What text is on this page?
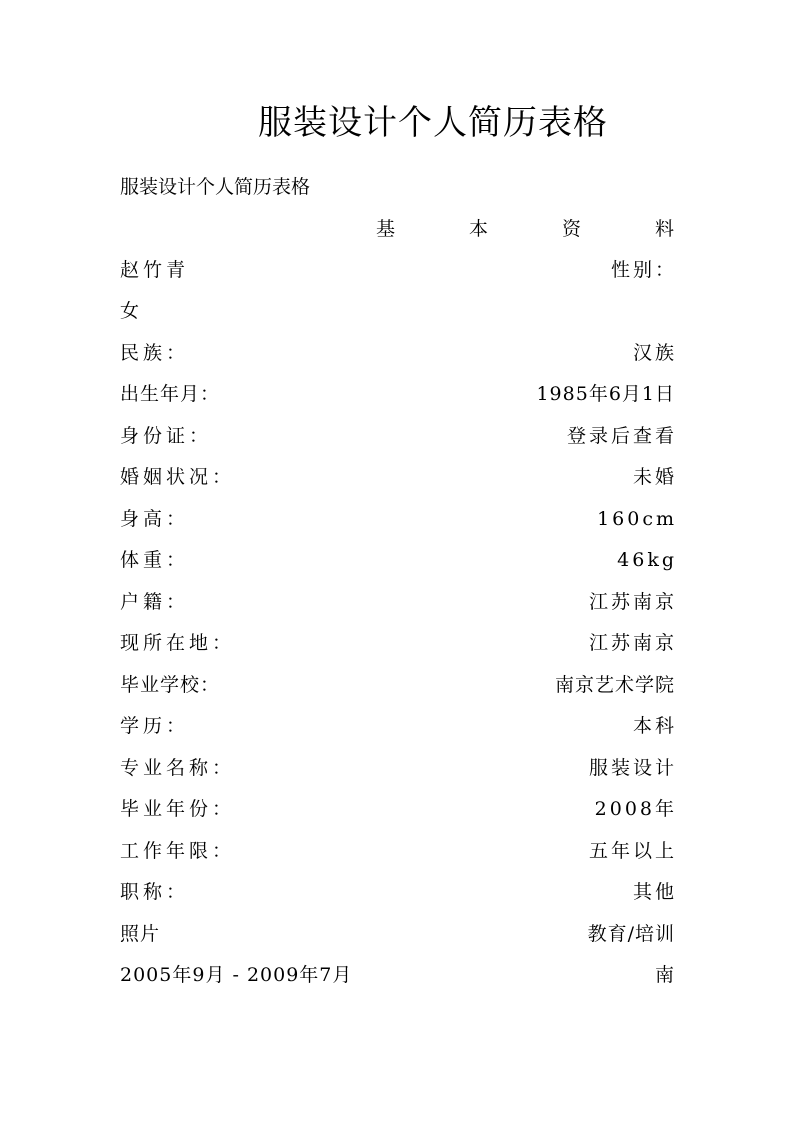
服装设计个人简历表格
服装设计个人简历表格
基	本	资	料
赵竹青	性别：
女
民族：	汉族
出生年月：	1985年6月1日
身份证：	登录后查看
婚姻状况：	未婚
身高：	160cm
体重：	46kg
户籍：	江苏南京
现所在地：	江苏南京
毕业学校：	南京艺术学院
学历：	本科
专业名称：	服装设计
毕业年份：	2008年
工作年限：	五年以上
职称：	其他
照片	教育/培训
2005年9月 - 2009年7月	南
